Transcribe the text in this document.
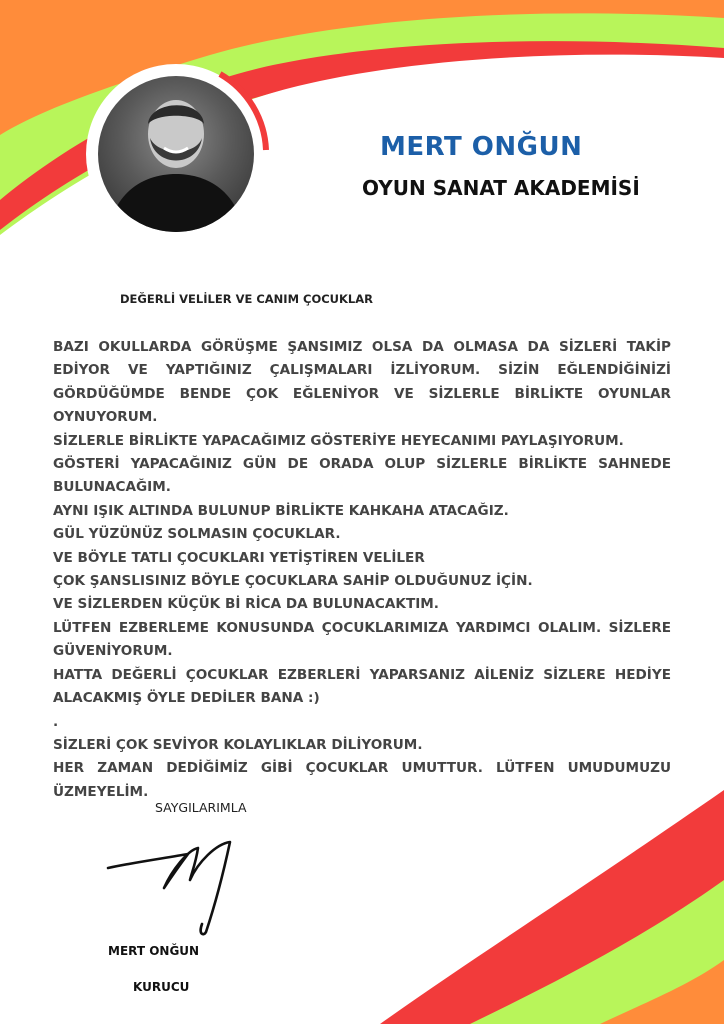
MERT ONĞUN
OYUN SANAT AKADEMİSİ

DEĞERLİ VELİLER VE CANIM ÇOCUKLAR

BAZI OKULLARDA GÖRÜŞME ŞANSIMIZ OLSA DA OLMASA DA SİZLERİ TAKİP EDİYOR VE YAPTIĞINIZ ÇALIŞMALARI İZLİYORUM. SİZİN EĞLENDİĞİNİZİ GÖRDÜĞÜMDE BENDE ÇOK EĞLENİYOR VE SİZLERLE BİRLİKTE OYUNLAR OYNUYORUM.

SİZLERLE BİRLİKTE YAPACAĞIMIZ GÖSTERİYE HEYECANIMI PAYLAŞIYORUM.

GÖSTERİ YAPACAĞINIZ GÜN DE ORADA OLUP SİZLERLE BİRLİKTE SAHNEDE BULUNACAĞIM.

AYNI IŞIK ALTINDA BULUNUP BİRLİKTE KAHKAHA ATACAĞIZ.

GÜL YÜZÜNÜZ SOLMASIN ÇOCUKLAR.

VE BÖYLE TATLI ÇOCUKLARI YETİŞTİREN VELİLER

ÇOK ŞANSLISINIZ BÖYLE ÇOCUKLARA SAHİP OLDUĞUNUZ İÇİN.

VE SİZLERDEN KÜÇÜK Bİ RİCA DA BULUNACAKTIM.

LÜTFEN EZBERLEME KONUSUNDA ÇOCUKLARIMIZA YARDIMCI OLALIM. SİZLERE GÜVENİYORUM.

HATTA DEĞERLİ ÇOCUKLAR EZBERLERİ YAPARSANIZ AİLENİZ SİZLERE HEDİYE ALACAKMIŞ ÖYLE DEDİLER BANA :)

.

SİZLERİ ÇOK SEVİYOR KOLAYLIKLAR DİLİYORUM.

HER ZAMAN DEDİĞİMİZ GİBİ ÇOCUKLAR UMUTTUR. LÜTFEN UMUDUMUZU ÜZMEYELİM.

SAYGILARIMLA

MERT ONĞUN

KURUCU
